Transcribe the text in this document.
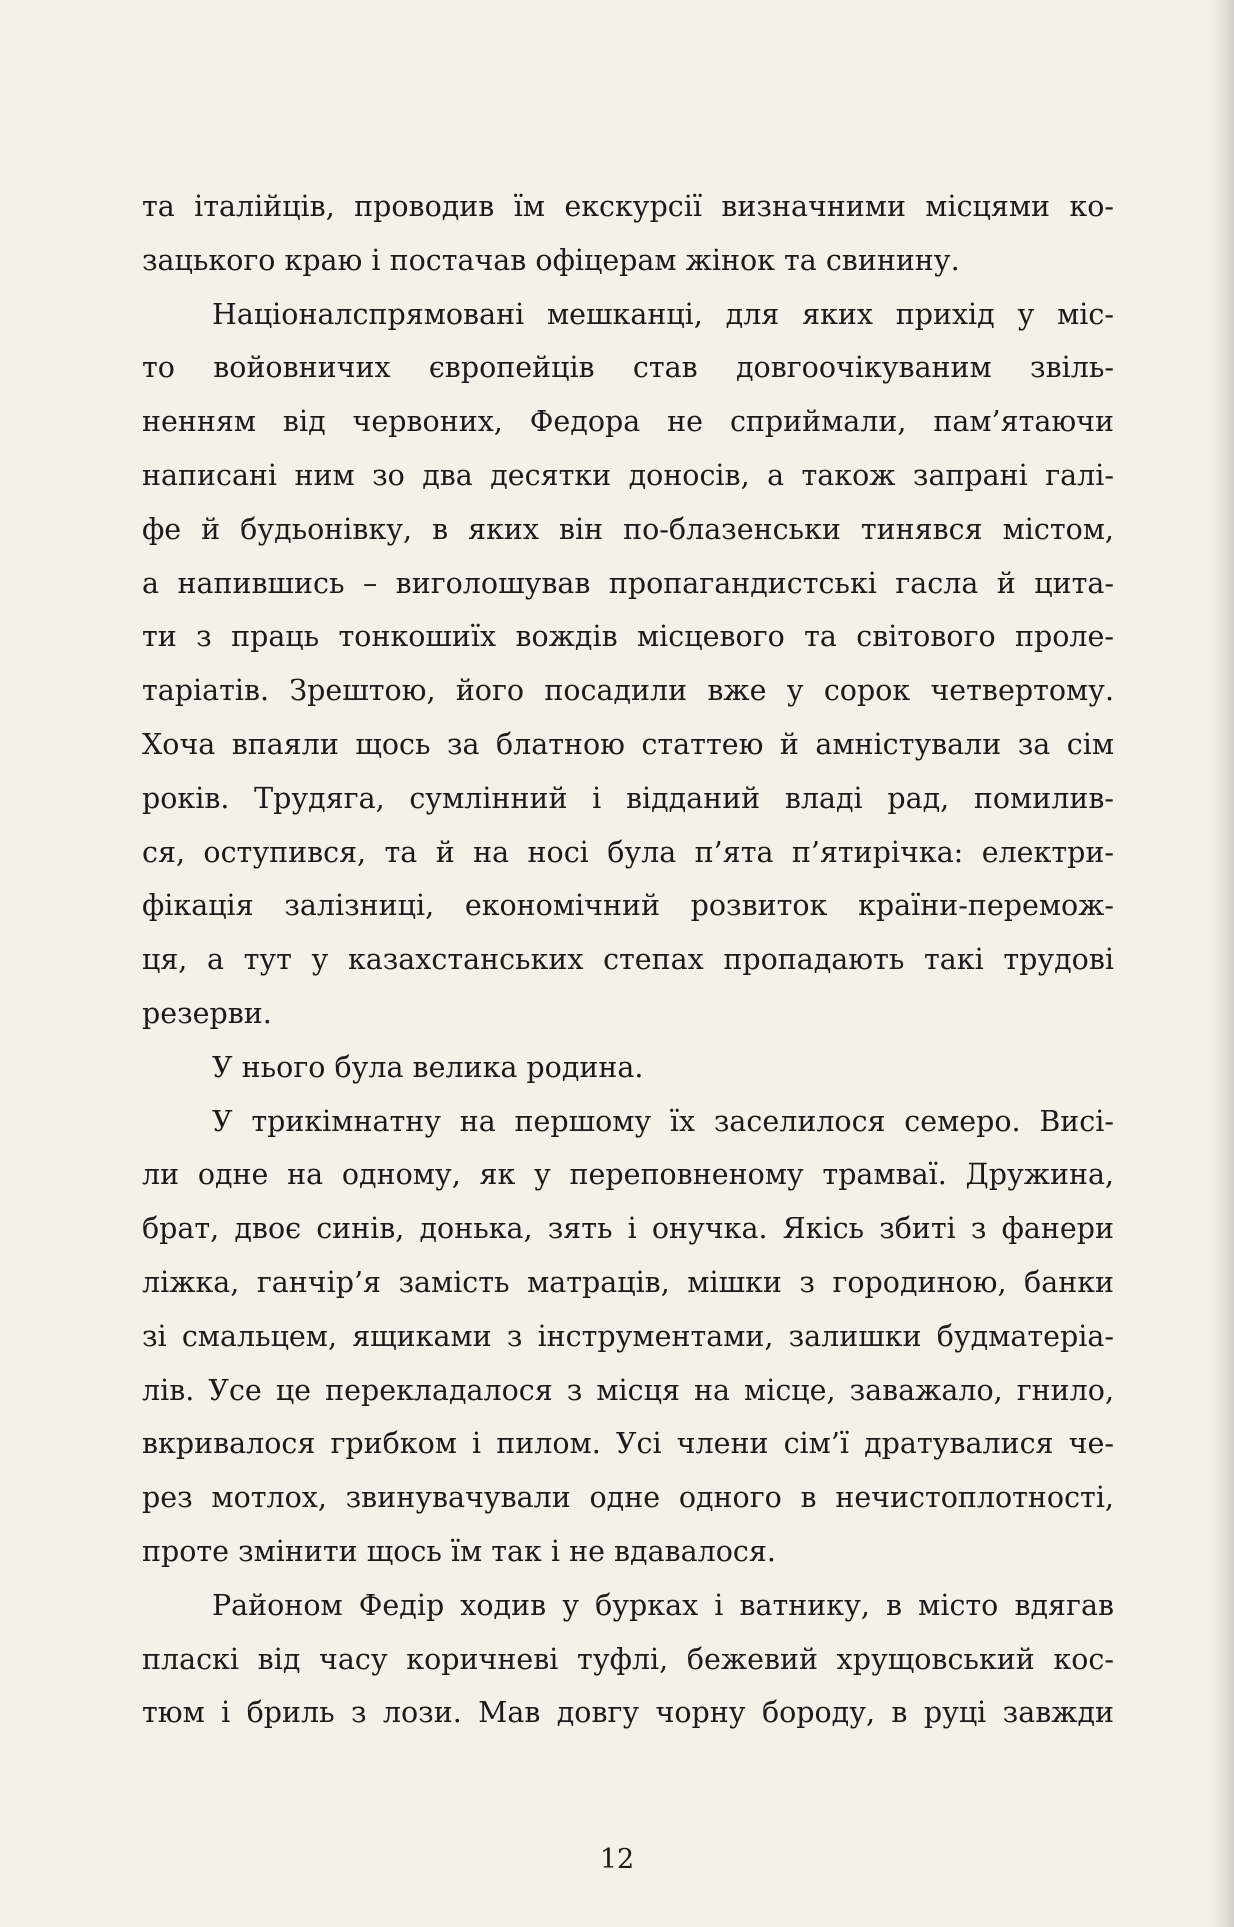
та італійців, проводив їм екскурсії визначними місцями ко-
зацького краю і постачав офіцерам жінок та свинину.
Націоналспрямовані мешканці, для яких прихід у міс-
то войовничих європейців став довгоочікуваним звіль-
ненням від червоних, Федора не сприймали, пам’ятаючи
написані ним зо два десятки доносів, а також запрані галі-
фе й будьонівку, в яких він по-блазенськи тинявся містом,
а напившись – виголошував пропагандистські гасла й цита-
ти з праць тонкошиїх вождів місцевого та світового проле-
таріатів. Зрештою, його посадили вже у сорок четвертому.
Хоча впаяли щось за блатною статтею й амністували за сім
років. Трудяга, сумлінний і відданий владі рад, помилив-
ся, оступився, та й на носі була п’ята п’ятирічка: електри-
фікація залізниці, економічний розвиток країни-перемож-
ця, а тут у казахстанських степах пропадають такі трудові
резерви.
У нього була велика родина.
У трикімнатну на першому їх заселилося семеро. Висі-
ли одне на одному, як у переповненому трамваї. Дружина,
брат, двоє синів, донька, зять і онучка. Якісь збиті з фанери
ліжка, ганчір’я замість матраців, мішки з городиною, банки
зі смальцем, ящиками з інструментами, залишки будматеріа-
лів. Усе це перекладалося з місця на місце, заважало, гнило,
вкривалося грибком і пилом. Усі члени сім’ї дратувалися че-
рез мотлох, звинувачували одне одного в нечистоплотності,
проте змінити щось їм так і не вдавалося.
Районом Федір ходив у бурках і ватнику, в місто вдягав
пласкі від часу коричневі туфлі, бежевий хрущовський кос-
тюм і бриль з лози. Мав довгу чорну бороду, в руці завжди
12
